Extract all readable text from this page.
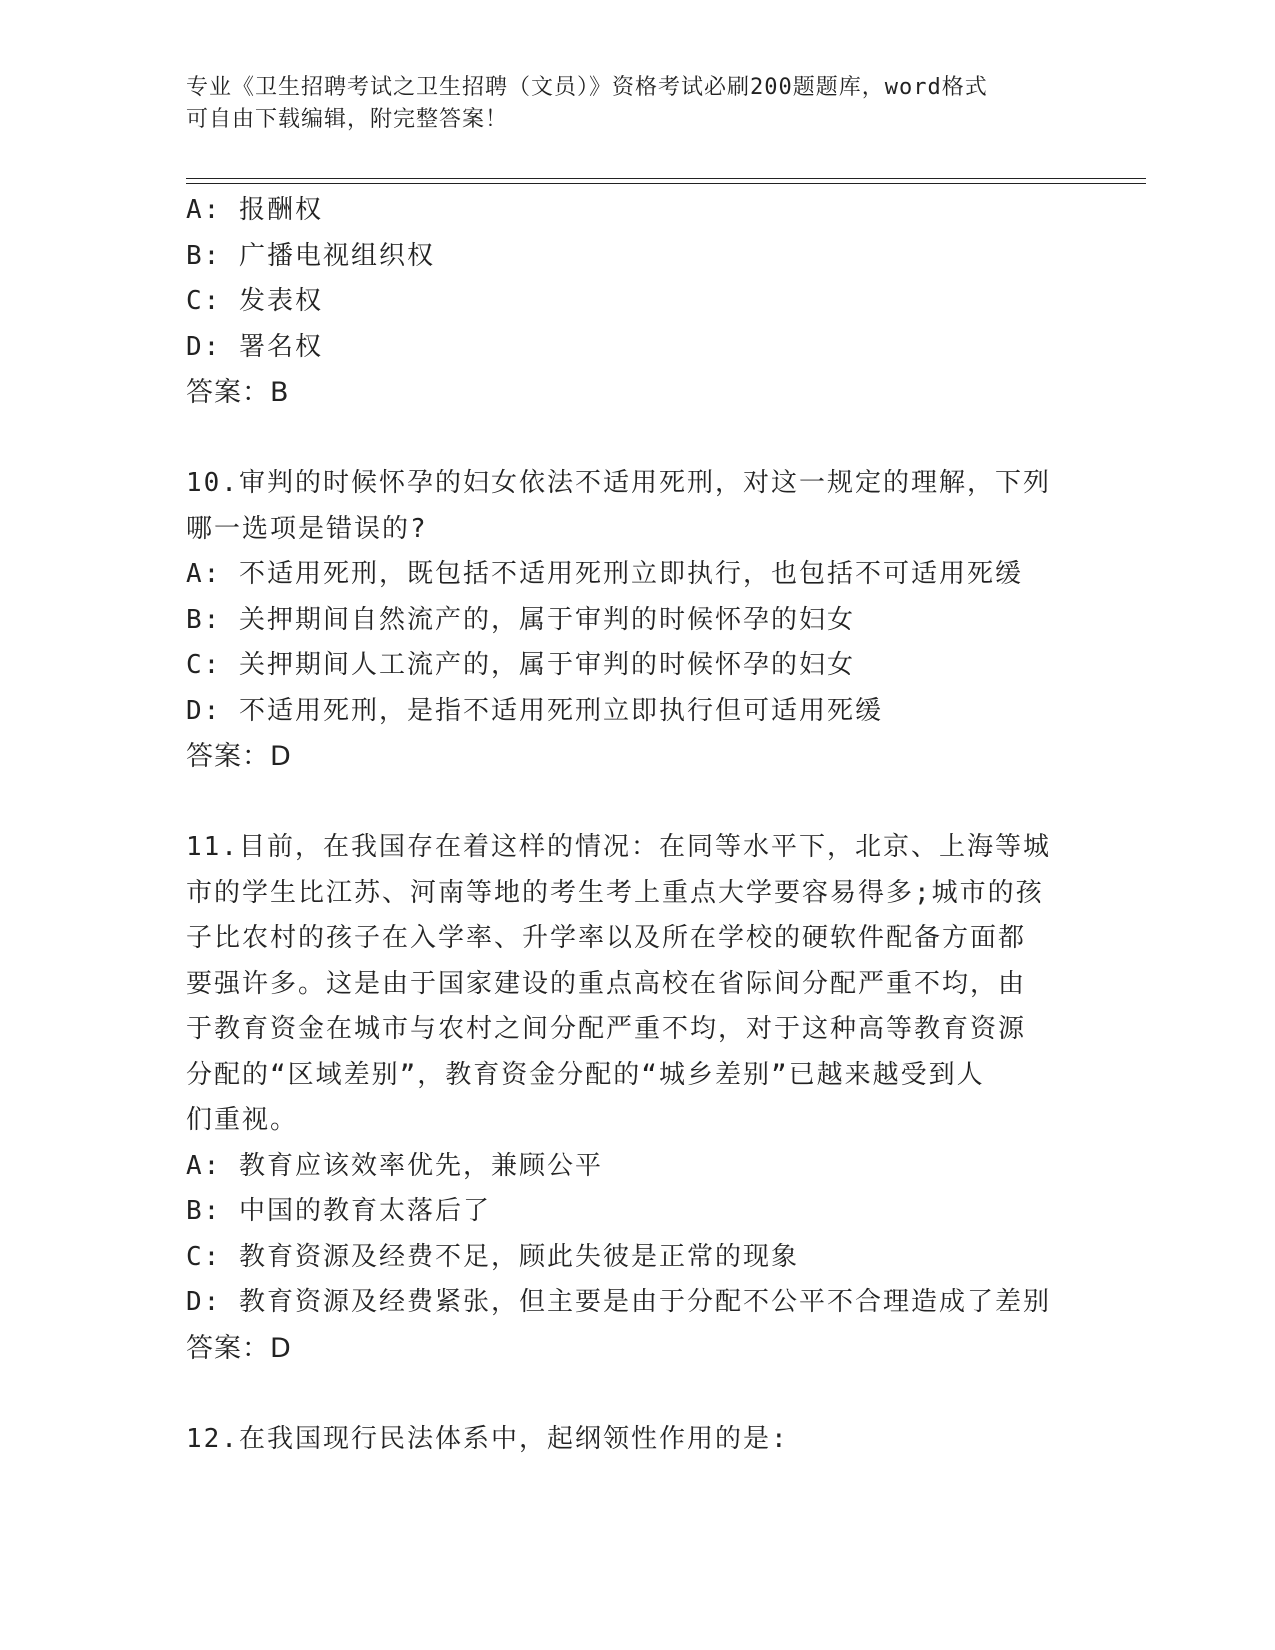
专业《卫生招聘考试之卫生招聘（文员）》资格考试必刷200题题库，word格式
可自由下载编辑，附完整答案！
A: 报酬权
B: 广播电视组织权
C: 发表权
D: 署名权
答案：B
10.审判的时候怀孕的妇女依法不适用死刑，对这一规定的理解，下列
哪一选项是错误的?
A: 不适用死刑，既包括不适用死刑立即执行，也包括不可适用死缓
B: 关押期间自然流产的，属于审判的时候怀孕的妇女
C: 关押期间人工流产的，属于审判的时候怀孕的妇女
D: 不适用死刑，是指不适用死刑立即执行但可适用死缓
答案：D
11.目前，在我国存在着这样的情况：在同等水平下，北京、上海等城
市的学生比江苏、河南等地的考生考上重点大学要容易得多;城市的孩
子比农村的孩子在入学率、升学率以及所在学校的硬软件配备方面都
要强许多。这是由于国家建设的重点高校在省际间分配严重不均，由
于教育资金在城市与农村之间分配严重不均，对于这种高等教育资源
分配的“区域差别”，教育资金分配的“城乡差别”已越来越受到人
们重视。
A: 教育应该效率优先，兼顾公平
B: 中国的教育太落后了
C: 教育资源及经费不足，顾此失彼是正常的现象
D: 教育资源及经费紧张，但主要是由于分配不公平不合理造成了差别
答案：D
12.在我国现行民法体系中，起纲领性作用的是:
